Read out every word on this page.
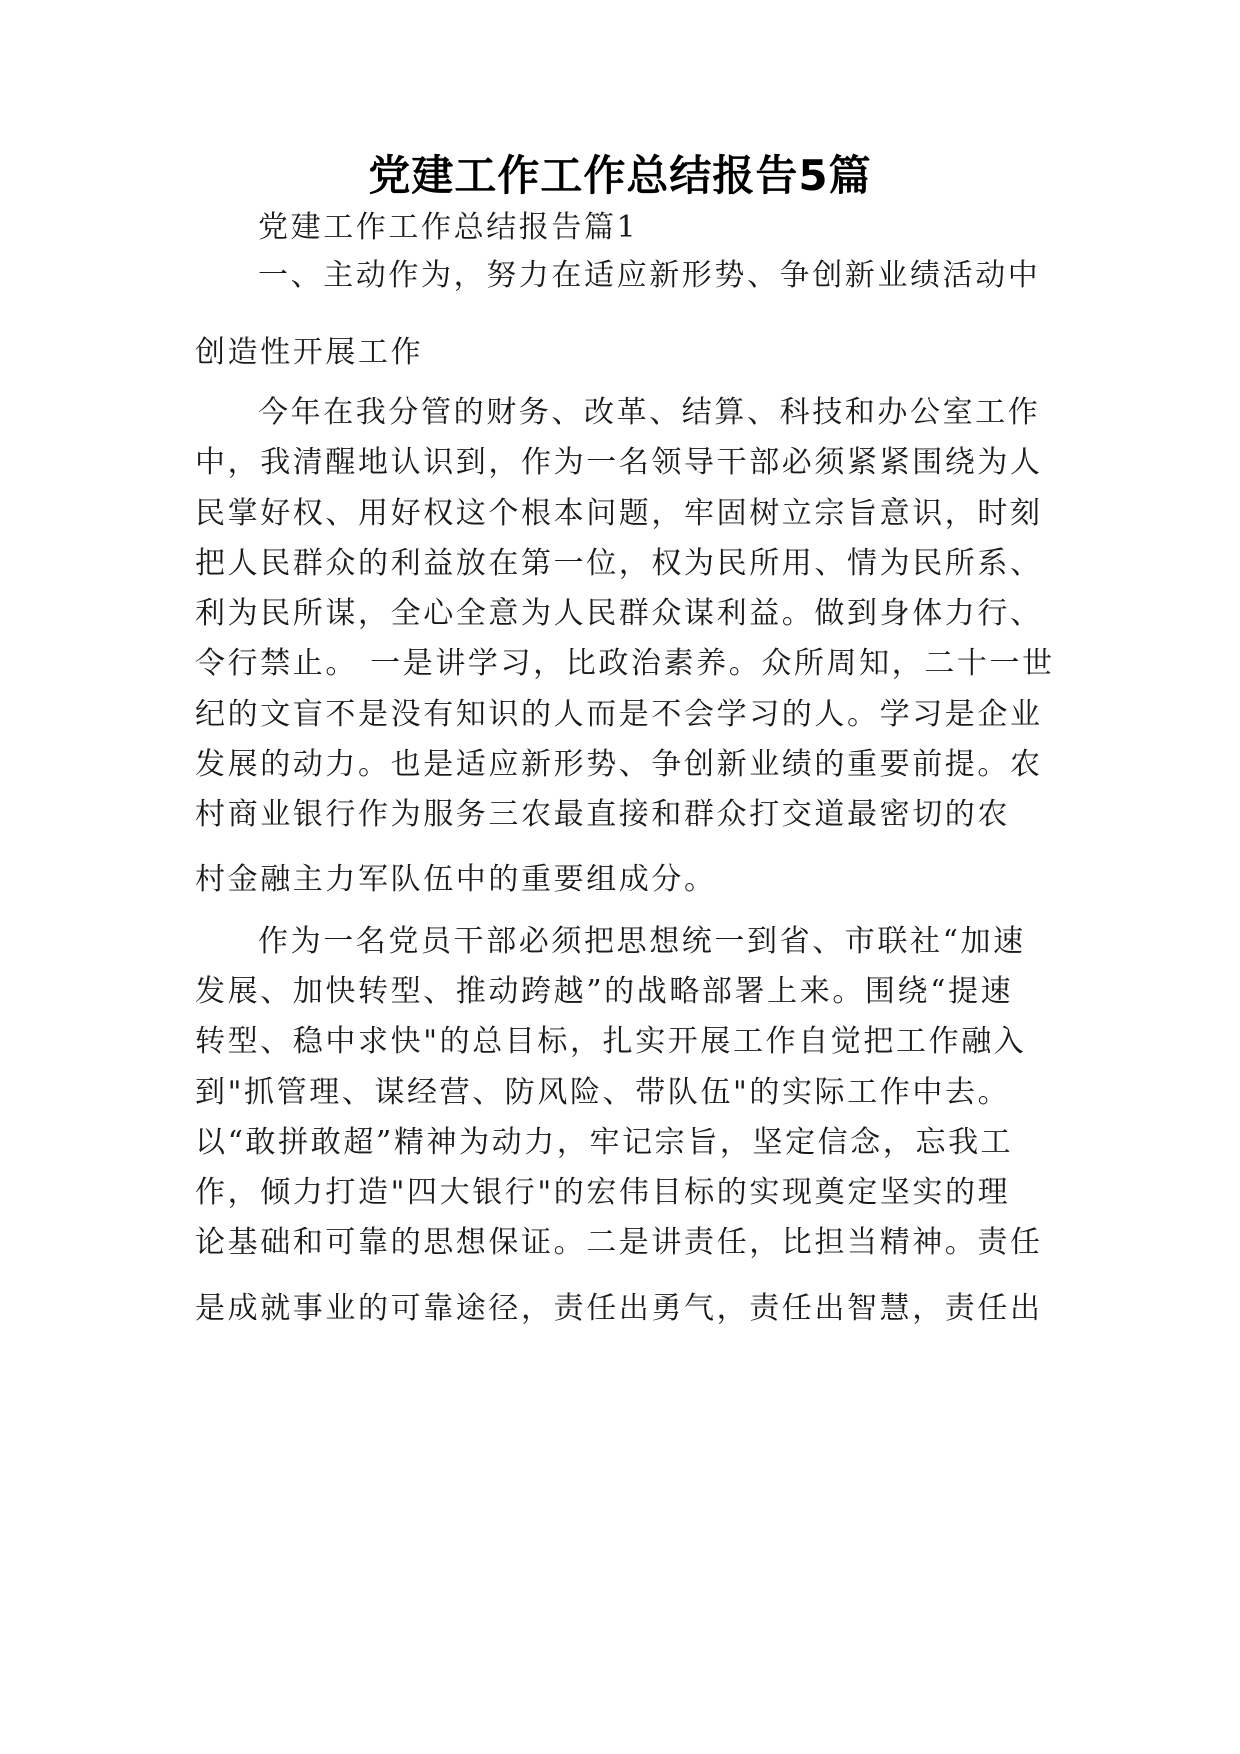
党建工作工作总结报告5篇
党建工作工作总结报告篇1
一、主动作为，努力在适应新形势、争创新业绩活动中
创造性开展工作
今年在我分管的财务、改革、结算、科技和办公室工作
中，我清醒地认识到，作为一名领导干部必须紧紧围绕为人
民掌好权、用好权这个根本问题，牢固树立宗旨意识，时刻
把人民群众的利益放在第一位，权为民所用、情为民所系、
利为民所谋，全心全意为人民群众谋利益。做到身体力行、
令行禁止。 一是讲学习，比政治素养。众所周知，二十一世
纪的文盲不是没有知识的人而是不会学习的人。学习是企业
发展的动力。也是适应新形势、争创新业绩的重要前提。农
村商业银行作为服务三农最直接和群众打交道最密切的农
村金融主力军队伍中的重要组成分。
作为一名党员干部必须把思想统一到省、市联社“加速
发展、加快转型、推动跨越”的战略部署上来。围绕“提速
转型、稳中求快"的总目标，扎实开展工作自觉把工作融入
到"抓管理、谋经营、防风险、带队伍"的实际工作中去。
以“敢拼敢超”精神为动力，牢记宗旨，坚定信念，忘我工
作，倾力打造"四大银行"的宏伟目标的实现奠定坚实的理
论基础和可靠的思想保证。二是讲责任，比担当精神。责任
是成就事业的可靠途径，责任出勇气，责任出智慧，责任出
